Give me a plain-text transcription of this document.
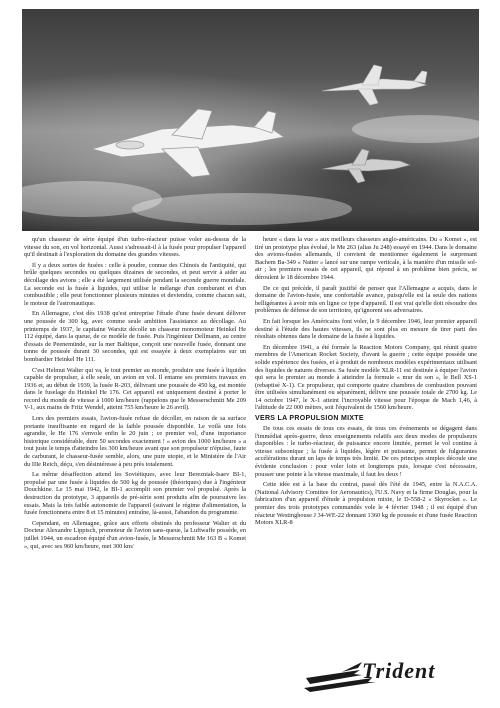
qu'un chasseur de série équipé d'un turbo-réacteur puisse voler au-dessus de la vitesse du son, en vol horizontal. Aussi s'adressait-il à la fusée pour propulser l'appareil qu'il destinait à l'exploration du domaine des grandes vitesses.

Il y a deux sortes de fusées : celle à poudre, connue des Chinois de l'antiquité, qui brûle quelques secondes ou quelques dizaines de secondes, et peut servir à aider au décollage des avions ; elle a été largement utilisée pendant la seconde guerre mondiale. La seconde est la fusée à liquides, qui utilise le mélange d'un comburant et d'un combustible ; elle peut fonctionner plusieurs minutes et deviendra, comme chacun sait, le moteur de l'astronautique.

En Allemagne, c'est dès 1938 qu'est entreprise l'étude d'une fusée devant délivrer une poussée de 300 kg, avec comme seule ambition l'assistance au décollage. Au printemps de 1937, le capitaine Warsitz décolle un chasseur monomoteur Heinkel He 112 équipé, dans la queue, de ce modèle de fusée. Puis l'ingénieur Dellmann, au centre d'essais de Peenemünde, sur la mer Baltique, conçoit une nouvelle fusée, donnant une tonne de poussée durant 30 secondes, qui est essayée à deux exemplaires sur un bombardier Heinkel He 111.

C'est Helmut Walter qui va, le tout premier au monde, produire une fusée à liquides capable de propulser, à elle seule, un avion en vol. Il entame ses premiers travaux en 1936 et, au début de 1939, la fusée R-203, délivrant une poussée de 450 kg, est montée dans le fuselage du Heinkel He 176. Cet appareil est uniquement destiné à porter le record du monde de vitesse à 1000 km/heure (rappelons que le Messerschmitt Me 209 V-1, aux mains de Fritz Wendel, atteint 755 km/heure le 26 avril).

Lors des premiers essais, l'avion-fusée refuse de décoller, en raison de sa surface portante insuffisante en regard de la faible poussée disponible. Le voilà une fois agrandie, le He 176 s'envole enfin le 20 juin ; ce premier vol, d'une importance historique considérable, dure 50 secondes exactement ! « avion des 1000 km/heure » a tout juste le temps d'atteindre les 300 km/heure avant que son propulseur n'épuise, faute de carburant, le chasseur-fusée semble, alors, une pure utopie, et le Ministère de l'Air du IIIe Reich, déçu, s'en désintéresse à peu près totalement.

La même désaffection attend les Soviétiques, avec leur Berezniak-Isaev BI-1, propulsé par une fusée à liquides de 500 kg de poussée (théoriques) due à l'ingénieur Douchkine. Le 15 mai 1942, le BI-1 accomplit son premier vol propulsé. Après la destruction du prototype, 3 appareils de pré-série sont produits afin de poursuivre les essais. Mais la très faible autonomie de l'appareil (suivant le régime d'alimentation, la fusée fonctionnera entre 8 et 15 minutes) entraîne, là-aussi, l'abandon du programme.

Cependant, en Allemagne, grâce aux efforts obstinés du professeur Walter et du Docteur Alexandre Lippisch, promoteur de l'avion sans-queue, la Luftwaffe possède, en juillet 1944, un escadron équipé d'un avion-fusée, le Messerschmitt Me 163 B « Komet », qui, avec ses 960 km/heure, met 300 km/

heure « dans la vue » aux meilleurs chasseurs anglo-américains. Du « Komet », est tiré un prototype plus évolué, le Me 263 (alias Ju 248) essayé en 1944. Dans le domaine des avions-fusées allemands, il convient de mentionner également le surprenant Bachem Ba-349 « Natter » lancé sur une rampe verticale, à la manière d'un missile sol-air ; les premiers essais de cet appareil, qui répond à un problème bien précis, se déroulent le 18 décembre 1944.

De ce qui précède, il paraît justifié de penser que l'Allemagne a acquis, dans le domaine de l'avion-fusée, une confortable avance, puisqu'elle est la seule des nations belligérantes à avoir mis en ligne ce type d'appareil. Il est vrai qu'elle doit résoudre des problèmes de défense de son territoire, qu'ignorent ses adversaires.

En fait lorsque les Américains font voler, le 9 décembre 1946, leur premier appareil destiné à l'étude des hautes vitesses, ils ne sont plus en mesure de tirer parti des résultats obtenus dans le domaine de la fusée à liquides.

En décembre 1941, a été formée la Reaction Motors Company, qui réunit quatre membres de l'American Rocket Society, d'avant la guerre ; cette équipe possède une solide expérience des fusées, et à produit de nombreux modèles expérimentaux utilisant des liquides de natures diverses. Sa fusée modèle XLR-11 est destinée à équiper l'avion qui sera le premier au monde à atteindre la formule « mur du son », le Bell XS-1 (rebaptisé X-1). Ce propulseur, qui comporte quatre chambres de combustion pouvant être utilisées simultanément ou séparément, délivre une poussée totale de 2700 kg. Le 14 octobre 1947, le X-1 atteint l'incroyable vitesse pour l'époque de Mach 1,46, à l'altitude de 22 000 mètres, soit l'équivalent de 1560 km/heure.

VERS LA PROPULSION MIXTE

De tous ces essais de tous ces essais, de tous ces événements se dégagent dans l'immédiat après-guerre, deux enseignements relatifs aux deux modes de propulseurs disponibles : le turbo-réacteur, de puissance encore limitée, permet le vol continu à vitesse subsonique ; la fusée à liquides, légère et puissante, permet de fulgurantes accélérations durant un laps de temps très limité. De ces principes simples découle une évidente conclusion : pour voler loin et longtemps puis, lorsque c'est nécessaire, pousser une pointe à la vitesse maximale, il faut les deux !

Cette idée est à la base du contrat, passé dès l'été de 1945, entre la N.A.C.A. (National Advisory Comittee for Aeronautics), l'U.S. Navy et la firme Douglas, pour la fabrication d'un appareil d'étude à propulsion mixte, le D-558-2 « Skyrocket ». Le premier des trois prototypes commandés vole le 4 février 1948 ; il est équipé d'un réacteur Westinghouse J 34-WE-22 donnant 1360 kg de poussée et d'une fusée Reaction Motors XLR-8

Trident
